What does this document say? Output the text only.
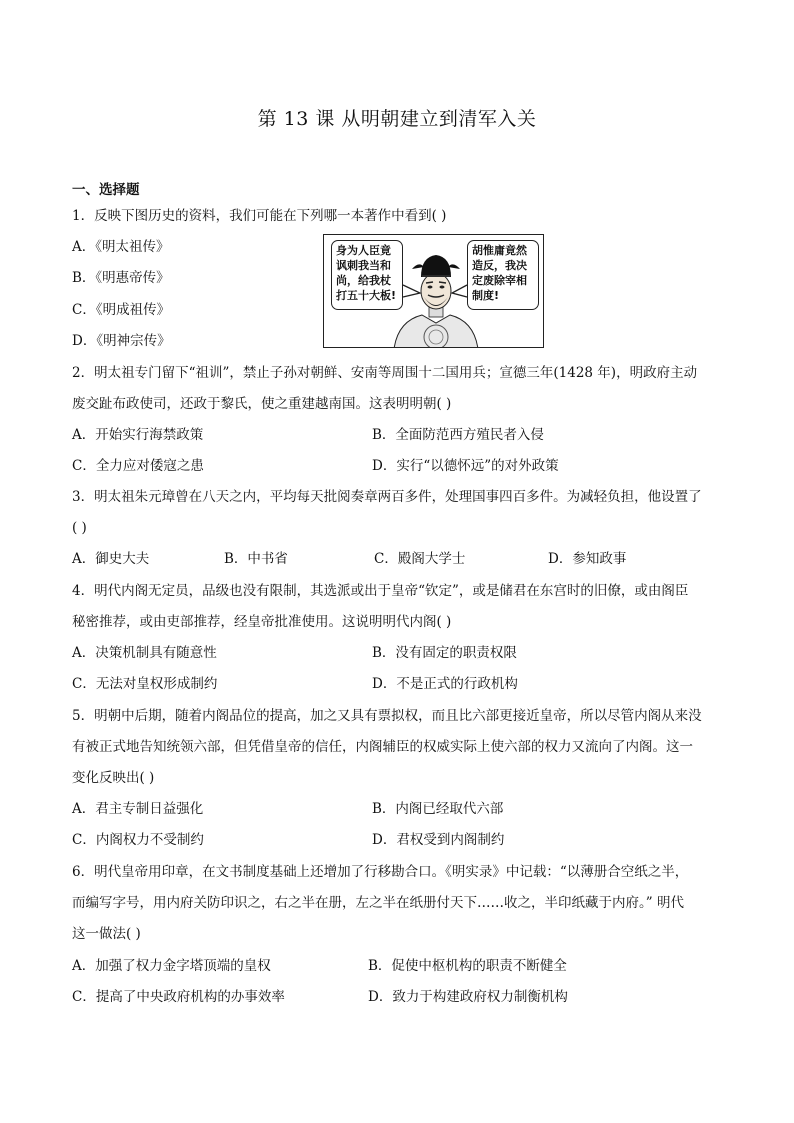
第 13 课 从明朝建立到清军入关
一、选择题
1．反映下图历史的资料，我们可能在下列哪一本著作中看到( )
A．《明太祖传》
B．《明惠帝传》
C．《明成祖传》
D．《明神宗传》
身为人臣竟
讽刺我当和
尚，给我杖
打五十大板!
胡惟庸竟然
造反，我决
定废除宰相
制度!
2．明太祖专门留下“祖训”，禁止子孙对朝鲜、安南等周围十二国用兵；宣德三年(1428 年)，明政府主动
废交趾布政使司，还政于黎氏，使之重建越南国。这表明明朝( )
A．开始实行海禁政策	B．全面防范西方殖民者入侵
C．全力应对倭寇之患	D．实行“以德怀远”的对外政策
3．明太祖朱元璋曾在八天之内，平均每天批阅奏章两百多件，处理国事四百多件。为减轻负担，他设置了
( )
A．御史大夫	B．中书省	C．殿阁大学士	D．参知政事
4．明代内阁无定员，品级也没有限制，其选派或出于皇帝“钦定”，或是储君在东宫时的旧僚，或由阁臣
秘密推荐，或由吏部推荐，经皇帝批准使用。这说明明代内阁( )
A．决策机制具有随意性	B．没有固定的职责权限
C．无法对皇权形成制约	D．不是正式的行政机构
5．明朝中后期，随着内阁品位的提高，加之又具有票拟权，而且比六部更接近皇帝，所以尽管内阁从来没
有被正式地告知统领六部，但凭借皇帝的信任，内阁辅臣的权威实际上使六部的权力又流向了内阁。这一
变化反映出( )
A．君主专制日益强化	B．内阁已经取代六部
C．内阁权力不受制约	D．君权受到内阁制约
6．明代皇帝用印章，在文书制度基础上还增加了行移勘合口。《明实录》中记载：“以薄册合空纸之半，
而编写字号，用内府关防印识之，右之半在册，左之半在纸册付天下……收之，半印纸藏于内府。” 明代
这一做法( )
A．加强了权力金字塔顶端的皇权	B．促使中枢机构的职责不断健全
C．提高了中央政府机构的办事效率	D．致力于构建政府权力制衡机构
